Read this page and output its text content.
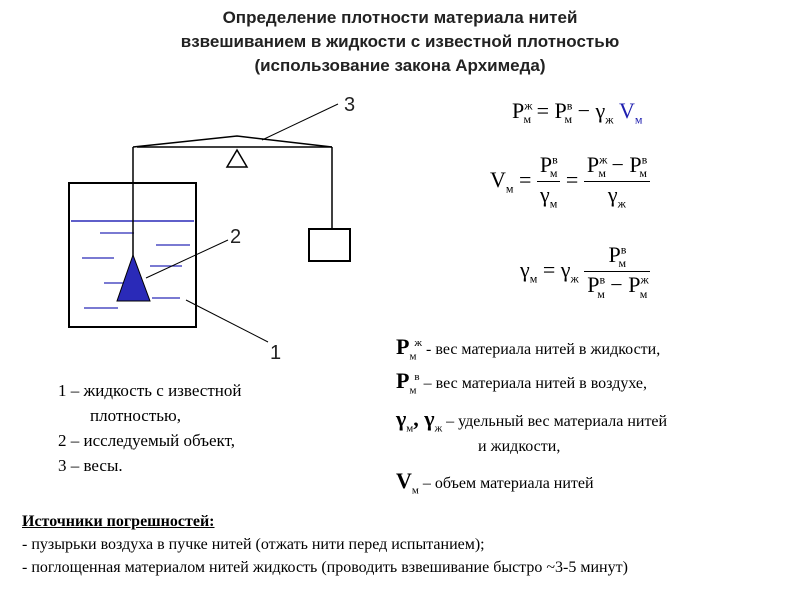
Определение плотности материала нитей
взвешиванием в жидкости с известной плотностью
(использование закона Архимеда)
3
2
1
$P^ж_м = P^в_м - \gamma_ж$ $V_м$
$V_м = \frac{P^в_м}{\gamma_м} = \frac{P^ж_м - P^в_м}{\gamma_ж}$
$\gamma_м = \gamma_ж \frac{P^в_м}{P^в_м - P^ж_м}$
1 – жидкость с известной
плотностью,
2 – исследуемый объект,
3 – весы.
$P_м^ж$ - вес материала нитей в жидкости,
$P_м^в$ – вес материала нитей в воздухе,
$\gamma_м$, $\gamma_ж$ – удельный вес материала нитей
и жидкости,
$V_м$ – объем материала нитей
Источники погрешностей:
- пузырьки воздуха в пучке нитей (отжать нити перед испытанием);
- поглощенная материалом нитей жидкость (проводить взвешивание быстро ~3-5 минут)
